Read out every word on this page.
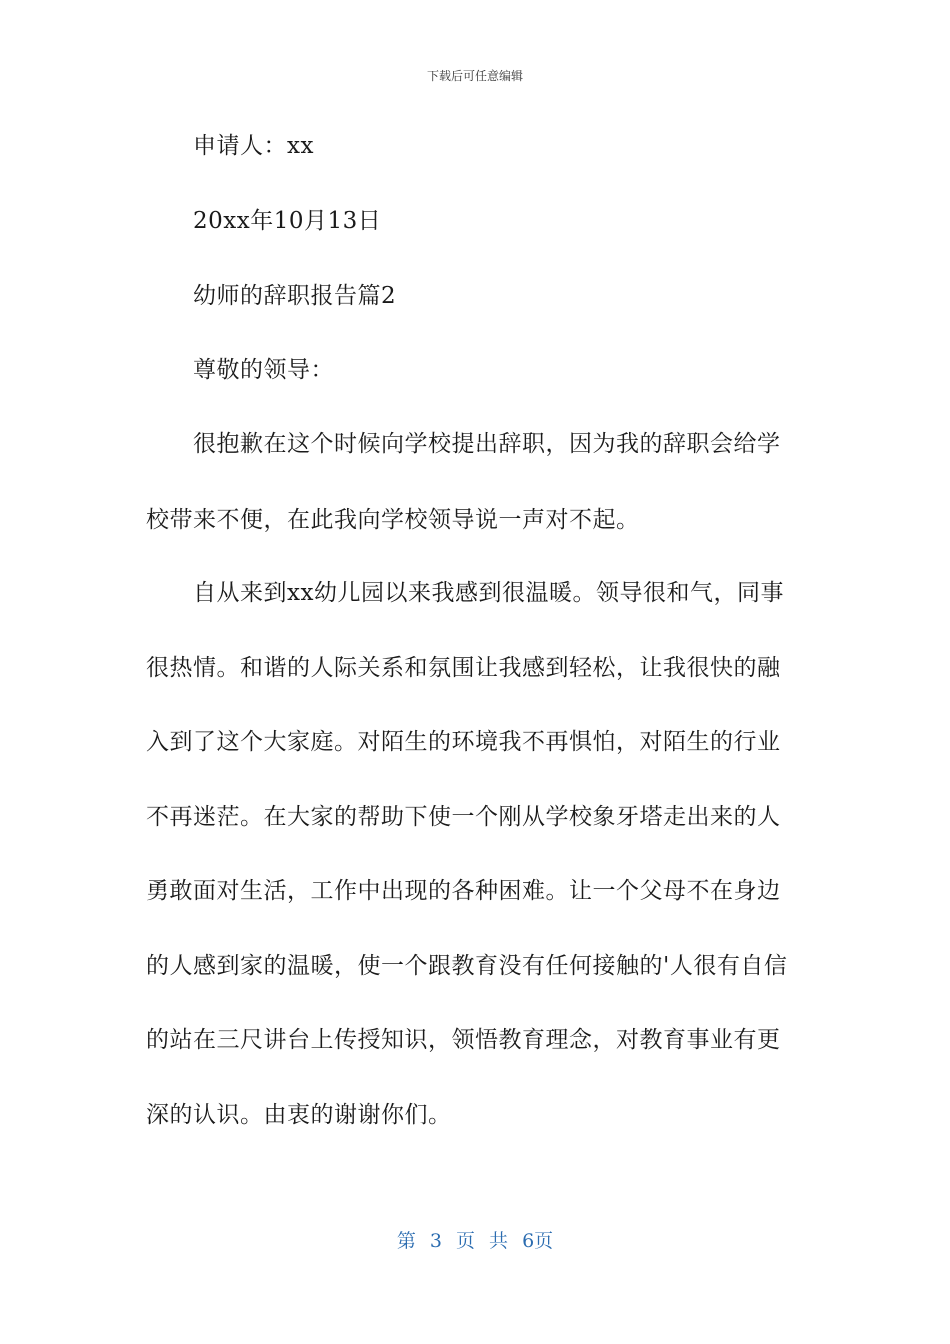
下载后可任意编辑
申请人：xx
20xx年10月13日
幼师的辞职报告篇2
尊敬的领导：
很抱歉在这个时候向学校提出辞职，因为我的辞职会给学
校带来不便，在此我向学校领导说一声对不起。
自从来到xx幼儿园以来我感到很温暖。领导很和气，同事
很热情。和谐的人际关系和氛围让我感到轻松，让我很快的融
入到了这个大家庭。对陌生的环境我不再惧怕，对陌生的行业
不再迷茫。在大家的帮助下使一个刚从学校象牙塔走出来的人
勇敢面对生活，工作中出现的各种困难。让一个父母不在身边
的人感到家的温暖，使一个跟教育没有任何接触的'人很有自信
的站在三尺讲台上传授知识，领悟教育理念，对教育事业有更
深的认识。由衷的谢谢你们。
第 3 页 共 6页
